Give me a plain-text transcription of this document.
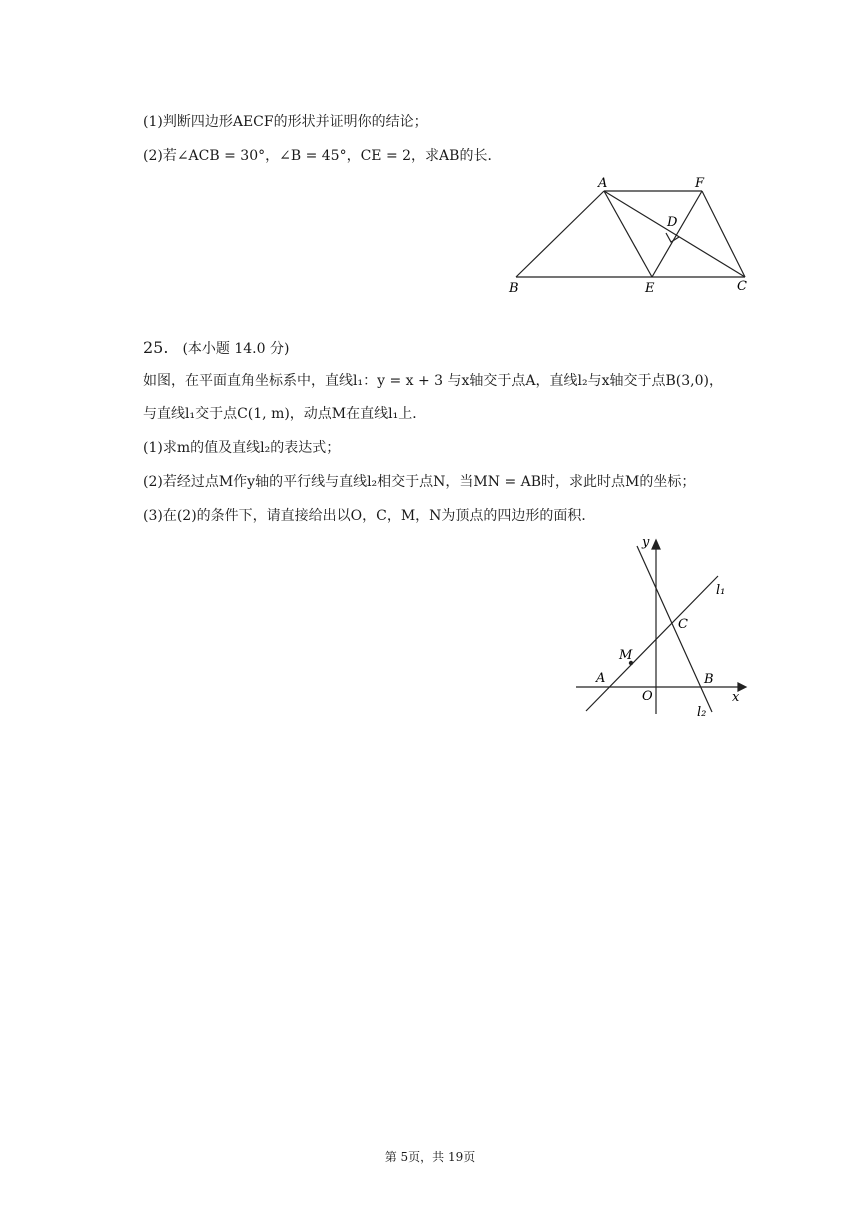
(1)判断四边形AECF的形状并证明你的结论；
(2)若∠ACB = 30°，∠B = 45°，CE = 2，求AB的长．
A	F
D
B	E	C
25. (本小题 14.0 分)
如图，在平面直角坐标系中，直线l₁：y = x + 3 与x轴交于点A，直线l₂与x轴交于点B(3,0)，
与直线l₁交于点C(1, m)，动点M在直线l₁上．
(1)求m的值及直线l₂的表达式；
(2)若经过点M作y轴的平行线与直线l₂相交于点N，当MN = AB时，求此时点M的坐标；
(3)在(2)的条件下，请直接给出以O，C，M，N为顶点的四边形的面积．
y
x
l₁
l₂
C
M
A
O
B
第 5页，共 19页
